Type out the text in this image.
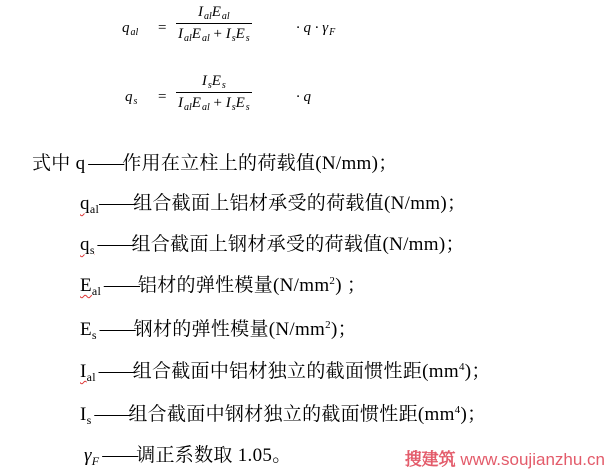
$q_{al}$ =
$I_{al}E_{al}$
$I_{al}E_{al} + I_sE_s$
· $q \cdot \gamma_F$
$q_s$ =
$I_sE_s$
$I_{al}E_{al} + I_sE_s$
· q
式中 q ——作用在立柱上的荷载值(N/mm)；
$q_{al}——$组合截面上铝材承受的荷载值(N/mm)；
$q_s$ ——组合截面上钢材承受的荷载值(N/mm)；
$E_{al}$ ——铝材的弹性模量$(N/mm^2)$ ；
$E_s$ ——钢材的弹性模量$(N/mm^2)$；
$I_{al}$ ——组合截面中铝材独立的截面惯性距$(mm^4)$；
$I_s$ ——组合截面中钢材独立的截面惯性距$(mm^4)$；
$\gamma_F$ ——调正系数取 1.05。	搜建筑 www.soujianzhu.cn
